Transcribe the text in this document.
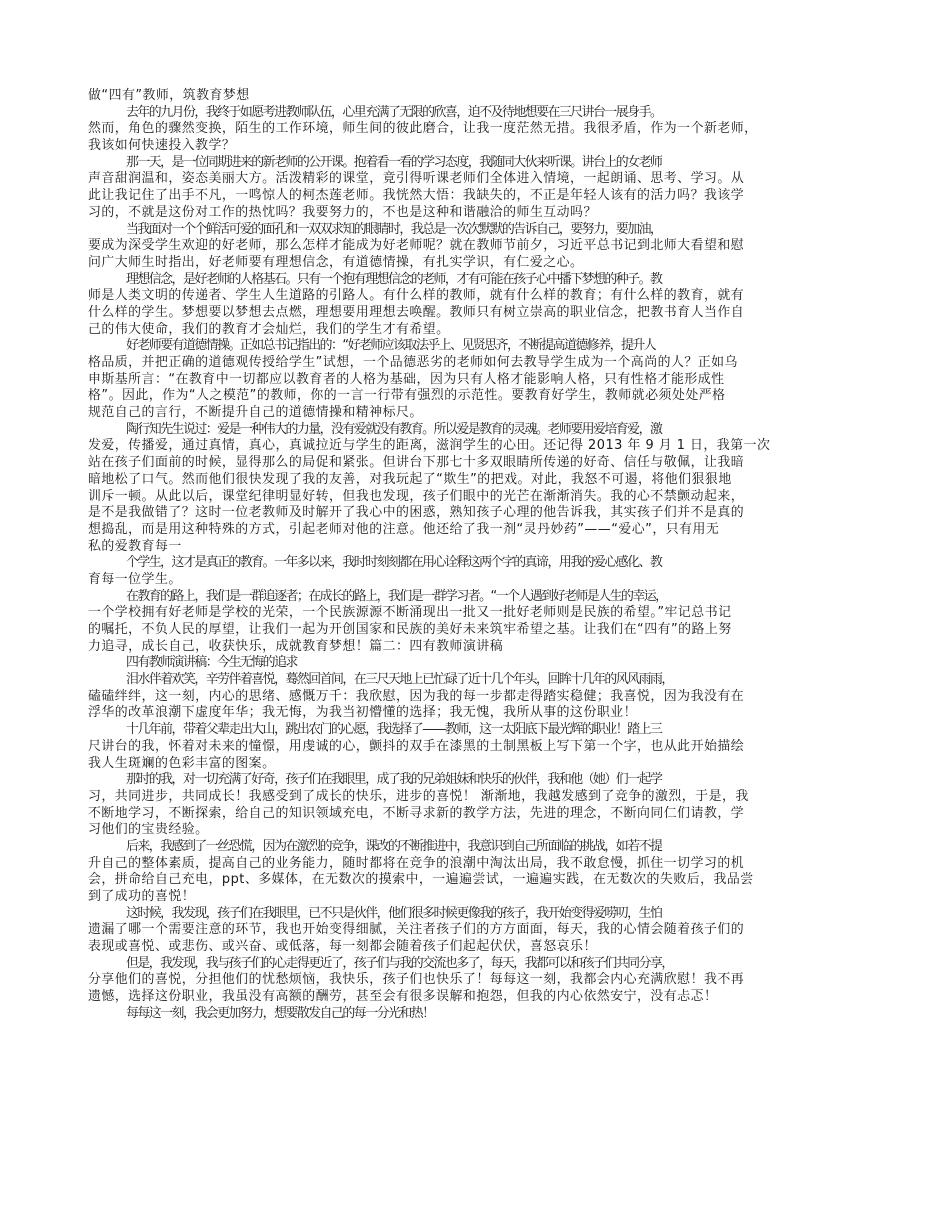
做“四有”教师，筑教育梦想
去年的九月份，我终于如愿考进教师队伍，心里充满了无限的欣喜，迫不及待地想要在三尺讲台一展身手。
然而，角色的骤然变换，陌生的工作环境，师生间的彼此磨合，让我一度茫然无措。我很矛盾，作为一个新老师，
我该如何快速投入教学？
那一天，是一位同期进来的新老师的公开课。抱着看一看的学习态度，我随同大伙来听课。讲台上的女老师
声音甜润温和，姿态美丽大方。活泼精彩的课堂，竟引得听课老师们全体进入情境，一起朗诵、思考、学习。从
此让我记住了出手不凡，一鸣惊人的柯杰莲老师。我恍然大悟：我缺失的，不正是年轻人该有的活力吗？我该学
习的，不就是这份对工作的热忱吗？我要努力的，不也是这种和谐融洽的师生互动吗？
当我面对一个个鲜活可爱的面孔和一双双求知的眼睛时，我总是一次次默默的告诉自己，要努力，要加油，
要成为深受学生欢迎的好老师，那么怎样才能成为好老师呢？就在教师节前夕，习近平总书记到北师大看望和慰
问广大师生时指出，好老师要有理想信念，有道德情操，有扎实学识，有仁爱之心。
理想信念，是好老师的人格基石。只有一个抱有理想信念的老师，才有可能在孩子心中播下梦想的种子。教
师是人类文明的传递者、学生人生道路的引路人。有什么样的教师，就有什么样的教育；有什么样的教育，就有
什么样的学生。梦想要以梦想去点燃，理想要用理想去唤醒。教师只有树立崇高的职业信念，把教书育人当作自
己的伟大使命，我们的教育才会灿烂，我们的学生才有希望。
好老师要有道德情操。正如总书记指出的：“好老师应该取法乎上、见贤思齐，不断提高道德修养，提升人
格品质，并把正确的道德观传授给学生”试想，一个品德恶劣的老师如何去教导学生成为一个高尚的人？正如乌
申斯基所言：“在教育中一切都应以教育者的人格为基础，因为只有人格才能影响人格，只有性格才能形成性
格”。因此，作为“人之模范”的教师，你的一言一行带有强烈的示范性。要教育好学生，教师就必须处处严格
规范自己的言行，不断提升自己的道德情操和精神标尺。
陶行知先生说过：爱是一种伟大的力量，没有爱就没有教育。所以爱是教育的灵魂。老师要用爱培育爱，激
发爱，传播爱，通过真情，真心，真诚拉近与学生的距离，滋润学生的心田。还记得 2013 年 9 月 1 日，我第一次
站在孩子们面前的时候，显得那么的局促和紧张。但讲台下那七十多双眼睛所传递的好奇、信任与敬佩，让我暗
暗地松了口气。然而他们很快发现了我的友善，对我玩起了“欺生”的把戏。对此，我怒不可遏，将他们狠狠地
训斥一顿。从此以后，课堂纪律明显好转，但我也发现，孩子们眼中的光芒在渐渐消失。我的心不禁颤动起来，
是不是我做错了？这时一位老教师及时解开了我心中的困惑，熟知孩子心理的他告诉我，其实孩子们并不是真的
想捣乱，而是用这种特殊的方式，引起老师对他的注意。他还给了我一剂“灵丹妙药”——“爱心”，只有用无
私的爱教育每一
个学生，这才是真正的教育。一年多以来，我时时刻刻都在用心诠释这两个字的真谛，用我的爱心感化、教
育每一位学生。
在教育的路上，我们是一群追逐者；在成长的路上，我们是一群学习者。“一个人遇到好老师是人生的幸运，
一个学校拥有好老师是学校的光荣，一个民族源源不断涌现出一批又一批好老师则是民族的希望。”牢记总书记
的嘱托，不负人民的厚望，让我们一起为开创国家和民族的美好未来筑牢希望之基。让我们在“四有”的路上努
力追寻，成长自己，收获快乐，成就教育梦想！篇二：四有教师演讲稿
四有教师演讲稿：今生无悔的追求
泪水伴着欢笑，辛劳伴着喜悦，蓦然回首间，在三尺天地上已忙碌了近十几个年头，回眸十几年的风风雨雨，
磕磕绊绊，这一刻，内心的思绪、感慨万千：我欣慰，因为我的每一步都走得踏实稳健；我喜悦，因为我没有在
浮华的改革浪潮下虚度年华；我无悔，为我当初懵懂的选择；我无愧，我所从事的这份职业！
十几年前，带着父辈走出大山，跳出农门的心愿，我选择了——教师，这一太阳底下最光辉的职业！踏上三
尺讲台的我，怀着对未来的憧憬，用虔诚的心，颤抖的双手在漆黑的土制黑板上写下第一个字，也从此开始描绘
我人生斑斓的色彩丰富的图案。
那时的我，对一切充满了好奇，孩子们在我眼里，成了我的兄弟姐妹和快乐的伙伴，我和他（她）们一起学
习，共同进步，共同成长！我感受到了成长的快乐，进步的喜悦！ 渐渐地，我越发感到了竞争的激烈，于是，我
不断地学习，不断探索，给自己的知识领域充电，不断寻求新的教学方法，先进的理念，不断向同仁们请教，学
习他们的宝贵经验。
后来，我感到了一丝恐慌，因为在激烈的竞争，课改的不断推进中，我意识到自己所面临的挑战，如若不提
升自己的整体素质，提高自己的业务能力，随时都将在竞争的浪潮中淘汰出局，我不敢怠慢，抓住一切学习的机
会，拼命给自己充电，ppt、多媒体，在无数次的摸索中，一遍遍尝试，一遍遍实践，在无数次的失败后，我品尝
到了成功的喜悦！
这时候，我发现，孩子们在我眼里，已不只是伙伴，他们很多时候更像我的孩子，我开始变得爱唠叨，生怕
遗漏了哪一个需要注意的环节，我也开始变得细腻，关注者孩子们的方方面面，每天，我的心情会随着孩子们的
表现或喜悦、或悲伤、或兴奋、或低落，每一刻都会随着孩子们起起伏伏，喜怒哀乐！
但是，我发现，我与孩子们的心走得更近了，孩子们与我的交流也多了，每天，我都可以和孩子们共同分享，
分享他们的喜悦，分担他们的忧愁烦恼，我快乐，孩子们也快乐了！每每这一刻，我都会内心充满欣慰！我不再
遗憾，选择这份职业，我虽没有高额的酬劳，甚至会有很多误解和抱怨，但我的内心依然安宁，没有忐忑！
每每这一刻，我会更加努力，想要散发自己的每一分光和热！
